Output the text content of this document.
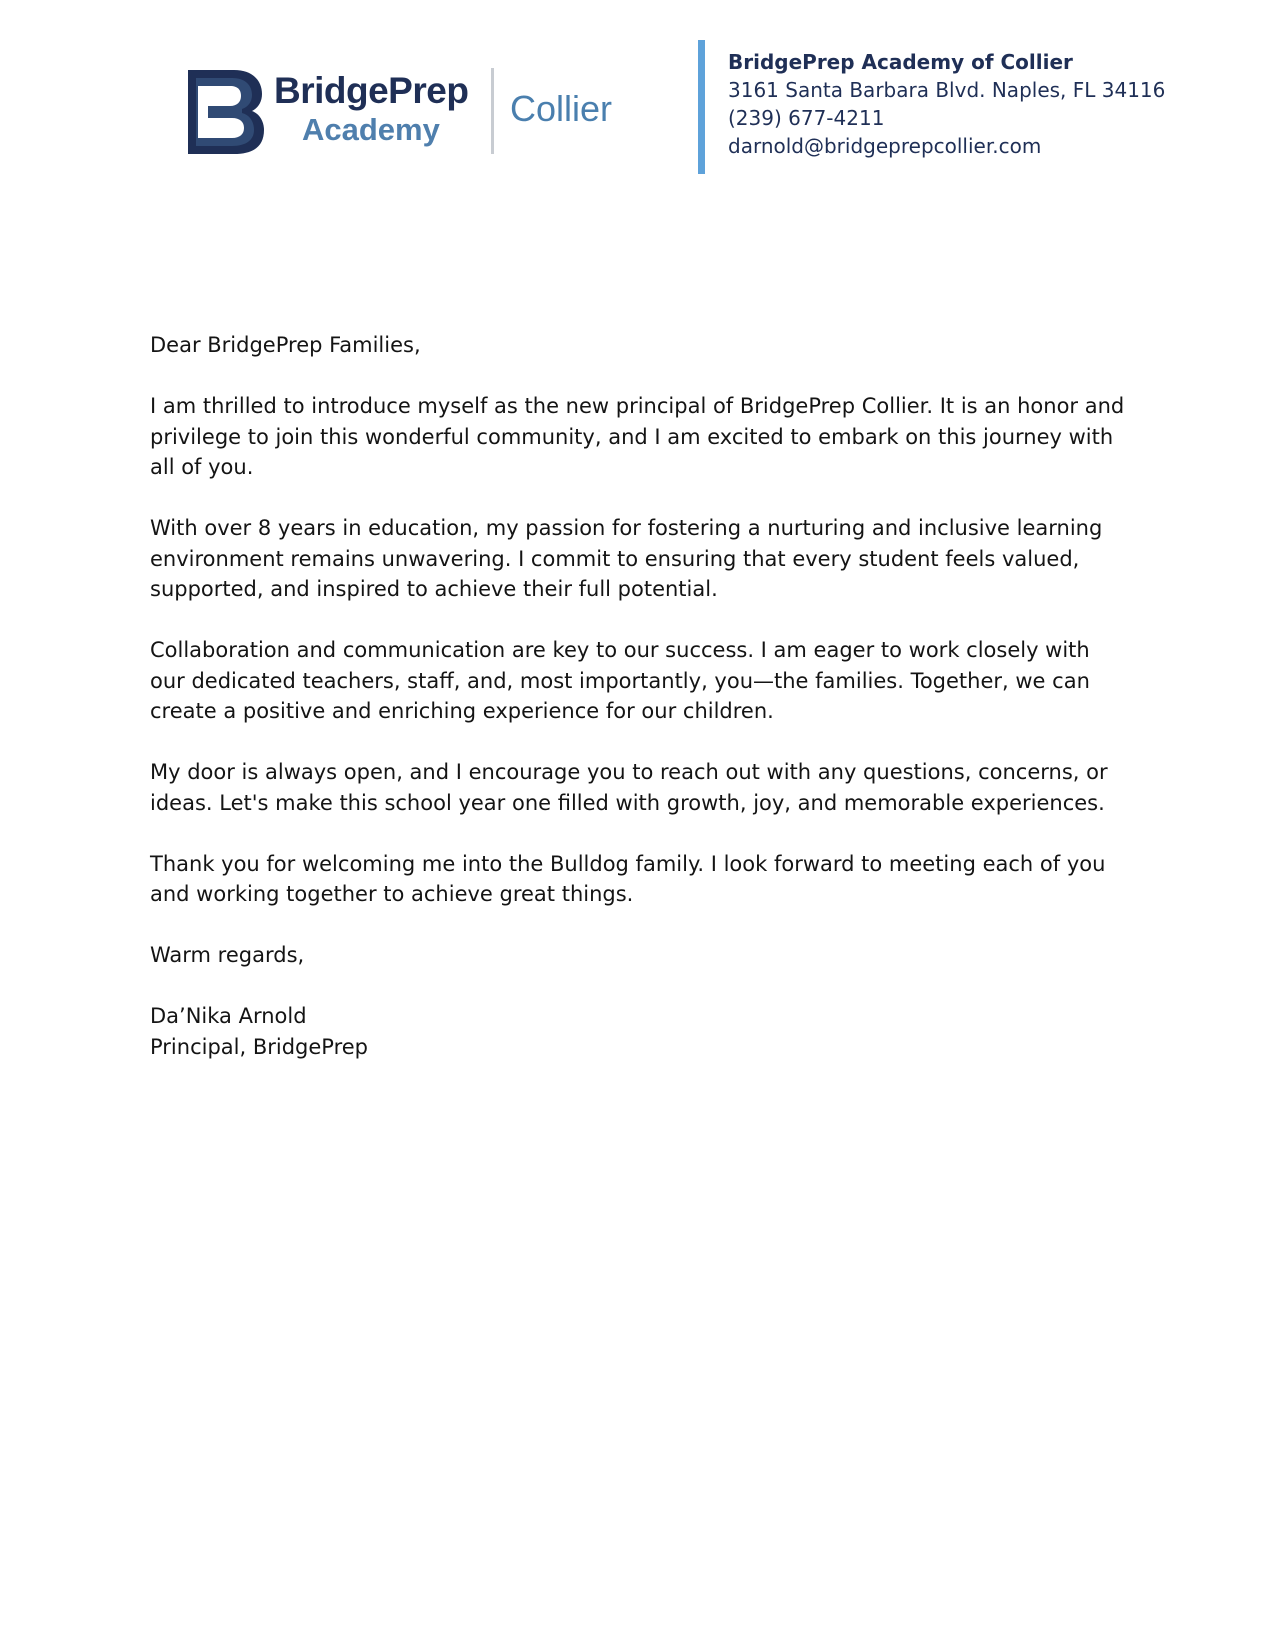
BridgePrep
Academy
Collier
BridgePrep Academy of Collier
3161 Santa Barbara Blvd. Naples, FL 34116
(239) 677-4211
darnold@bridgeprepcollier.com

Dear BridgePrep Families,

I am thrilled to introduce myself as the new principal of BridgePrep Collier. It is an honor and privilege to join this wonderful community, and I am excited to embark on this journey with all of you.

With over 8 years in education, my passion for fostering a nurturing and inclusive learning environment remains unwavering. I commit to ensuring that every student feels valued, supported, and inspired to achieve their full potential.

Collaboration and communication are key to our success. I am eager to work closely with our dedicated teachers, staff, and, most importantly, you—the families. Together, we can create a positive and enriching experience for our children.

My door is always open, and I encourage you to reach out with any questions, concerns, or ideas. Let's make this school year one filled with growth, joy, and memorable experiences.

Thank you for welcoming me into the Bulldog family. I look forward to meeting each of you and working together to achieve great things.

Warm regards,

Da’Nika Arnold

Principal, BridgePrep
